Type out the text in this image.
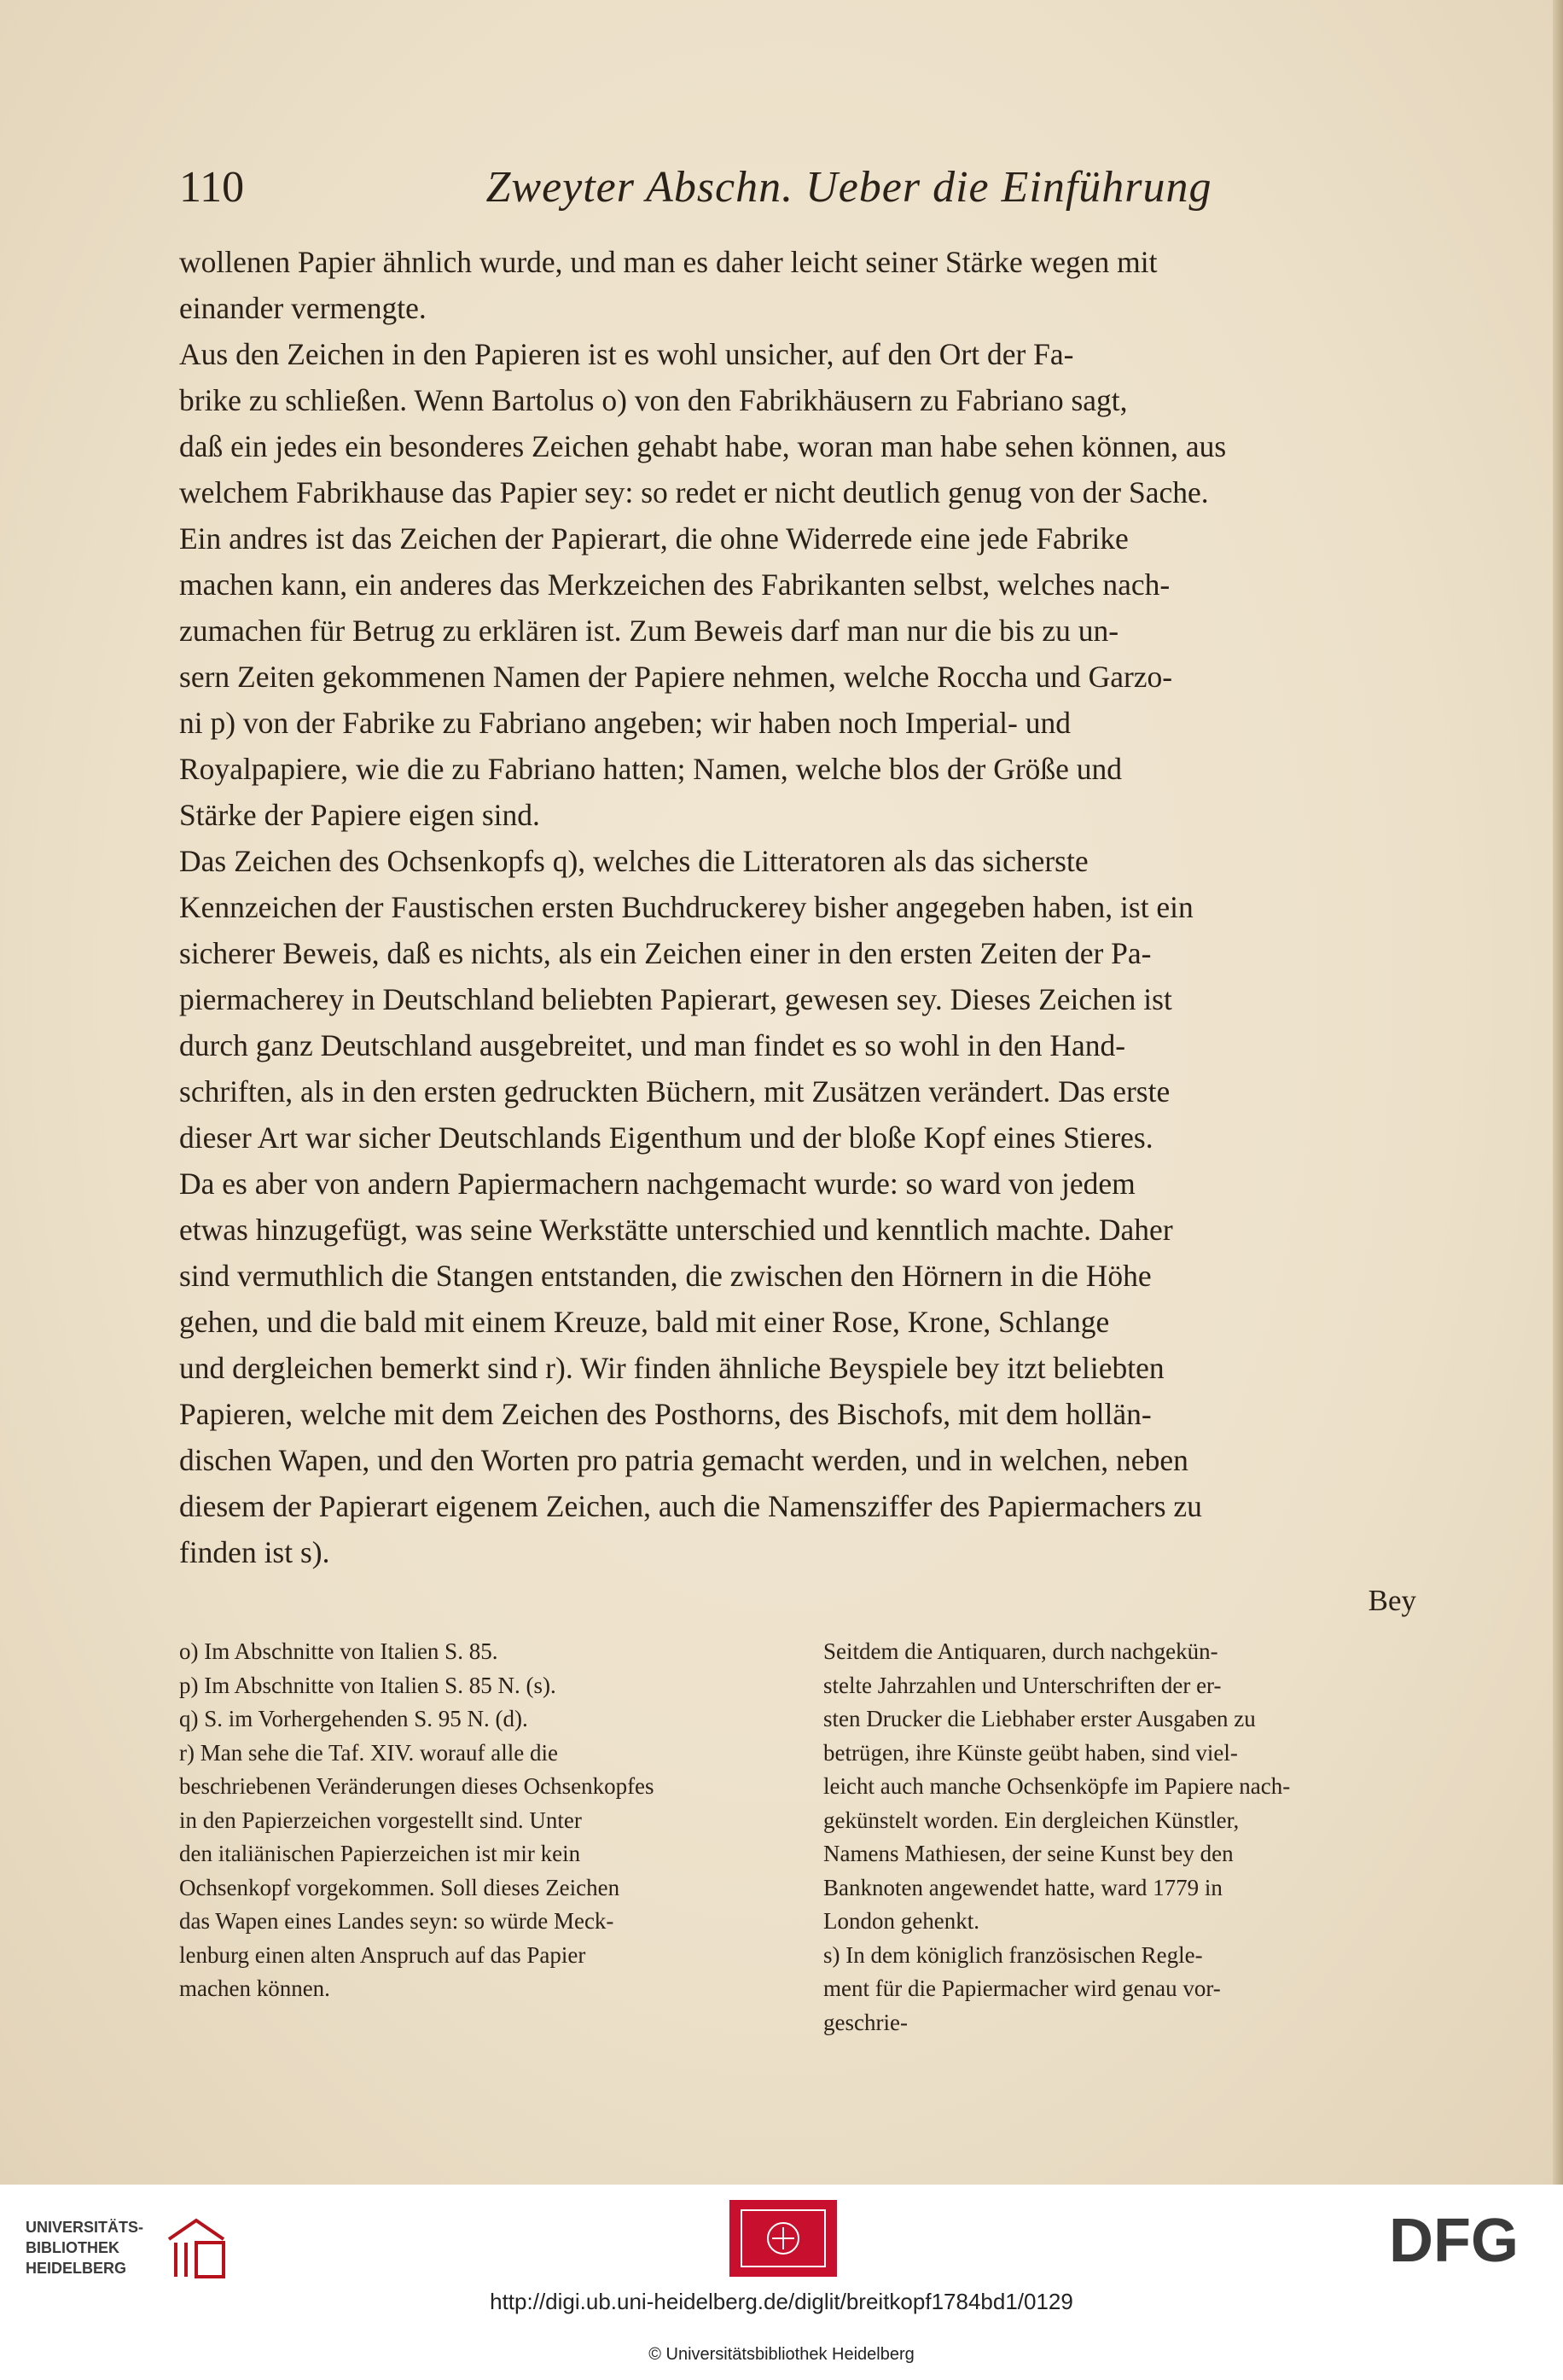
110	Zweyter Abschn. Ueber die Einführung
wollenen Papier ähnlich wurde, und man es daher leicht seiner Stärke wegen mit
einander vermengte.
Aus den Zeichen in den Papieren ist es wohl unsicher, auf den Ort der Fa-
brike zu schließen. Wenn Bartolus o) von den Fabrikhäusern zu Fabriano sagt,
daß ein jedes ein besonderes Zeichen gehabt habe, woran man habe sehen können, aus
welchem Fabrikhause das Papier sey: so redet er nicht deutlich genug von der Sache.
Ein andres ist das Zeichen der Papierart, die ohne Widerrede eine jede Fabrike
machen kann, ein anderes das Merkzeichen des Fabrikanten selbst, welches nach-
zumachen für Betrug zu erklären ist. Zum Beweis darf man nur die bis zu un-
sern Zeiten gekommenen Namen der Papiere nehmen, welche Roccha und Garzo-
ni p) von der Fabrike zu Fabriano angeben; wir haben noch Imperial- und
Royalpapiere, wie die zu Fabriano hatten; Namen, welche blos der Größe und
Stärke der Papiere eigen sind.
Das Zeichen des Ochsenkopfs q), welches die Litteratoren als das sicherste
Kennzeichen der Faustischen ersten Buchdruckerey bisher angegeben haben, ist ein
sicherer Beweis, daß es nichts, als ein Zeichen einer in den ersten Zeiten der Pa-
piermacherey in Deutschland beliebten Papierart, gewesen sey. Dieses Zeichen ist
durch ganz Deutschland ausgebreitet, und man findet es so wohl in den Hand-
schriften, als in den ersten gedruckten Büchern, mit Zusätzen verändert. Das erste
dieser Art war sicher Deutschlands Eigenthum und der bloße Kopf eines Stieres.
Da es aber von andern Papiermachern nachgemacht wurde: so ward von jedem
etwas hinzugefügt, was seine Werkstätte unterschied und kenntlich machte. Daher
sind vermuthlich die Stangen entstanden, die zwischen den Hörnern in die Höhe
gehen, und die bald mit einem Kreuze, bald mit einer Rose, Krone, Schlange
und dergleichen bemerkt sind r). Wir finden ähnliche Beyspiele bey itzt beliebten
Papieren, welche mit dem Zeichen des Posthorns, des Bischofs, mit dem hollän-
dischen Wapen, und den Worten pro patria gemacht werden, und in welchen, neben
diesem der Papierart eigenem Zeichen, auch die Namensziffer des Papiermachers zu
finden ist s).
Bey
o) Im Abschnitte von Italien S. 85.
p) Im Abschnitte von Italien S. 85 N. (s).
q) S. im Vorhergehenden S. 95 N. (d).
r) Man sehe die Taf. XIV. worauf alle die
beschriebenen Veränderungen dieses Ochsenkopfes
in den Papierzeichen vorgestellt sind. Unter
den italiänischen Papierzeichen ist mir kein
Ochsenkopf vorgekommen. Soll dieses Zeichen
das Wapen eines Landes seyn: so würde Meck-
lenburg einen alten Anspruch auf das Papier
machen können.
Seitdem die Antiquaren, durch nachgekün-
stelte Jahrzahlen und Unterschriften der er-
sten Drucker die Liebhaber erster Ausgaben zu
betrügen, ihre Künste geübt haben, sind viel-
leicht auch manche Ochsenköpfe im Papiere nach-
gekünstelt worden. Ein dergleichen Künstler,
Namens Mathiesen, der seine Kunst bey den
Banknoten angewendet hatte, ward 1779 in
London gehenkt.
s) In dem königlich französischen Regle-
ment für die Papiermacher wird genau vor-
geschrie-
UNIVERSITÄTS-
BIBLIOTHEK
HEIDELBERG	DFG
http://digi.ub.uni-heidelberg.de/diglit/breitkopf1784bd1/0129
© Universitätsbibliothek Heidelberg
